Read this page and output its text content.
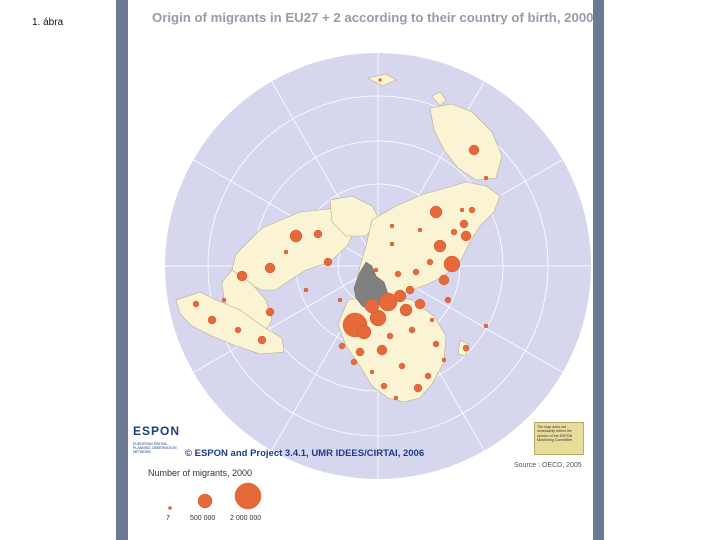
1. ábra	Origin of migrants in EU27 + 2 according to their country of birth, 2000
ESPON
EUROPEAN SPATIAL PLANNING OBSERVATION NETWORK	© ESPON and Project 3.4.1, UMR IDEES/CIRTAI, 2006
The map does not necessarily reflect the opinion of the ESPON Monitoring Committee
Source : OECD, 2005
Number of migrants, 2000
7	500 000 2 000 000
